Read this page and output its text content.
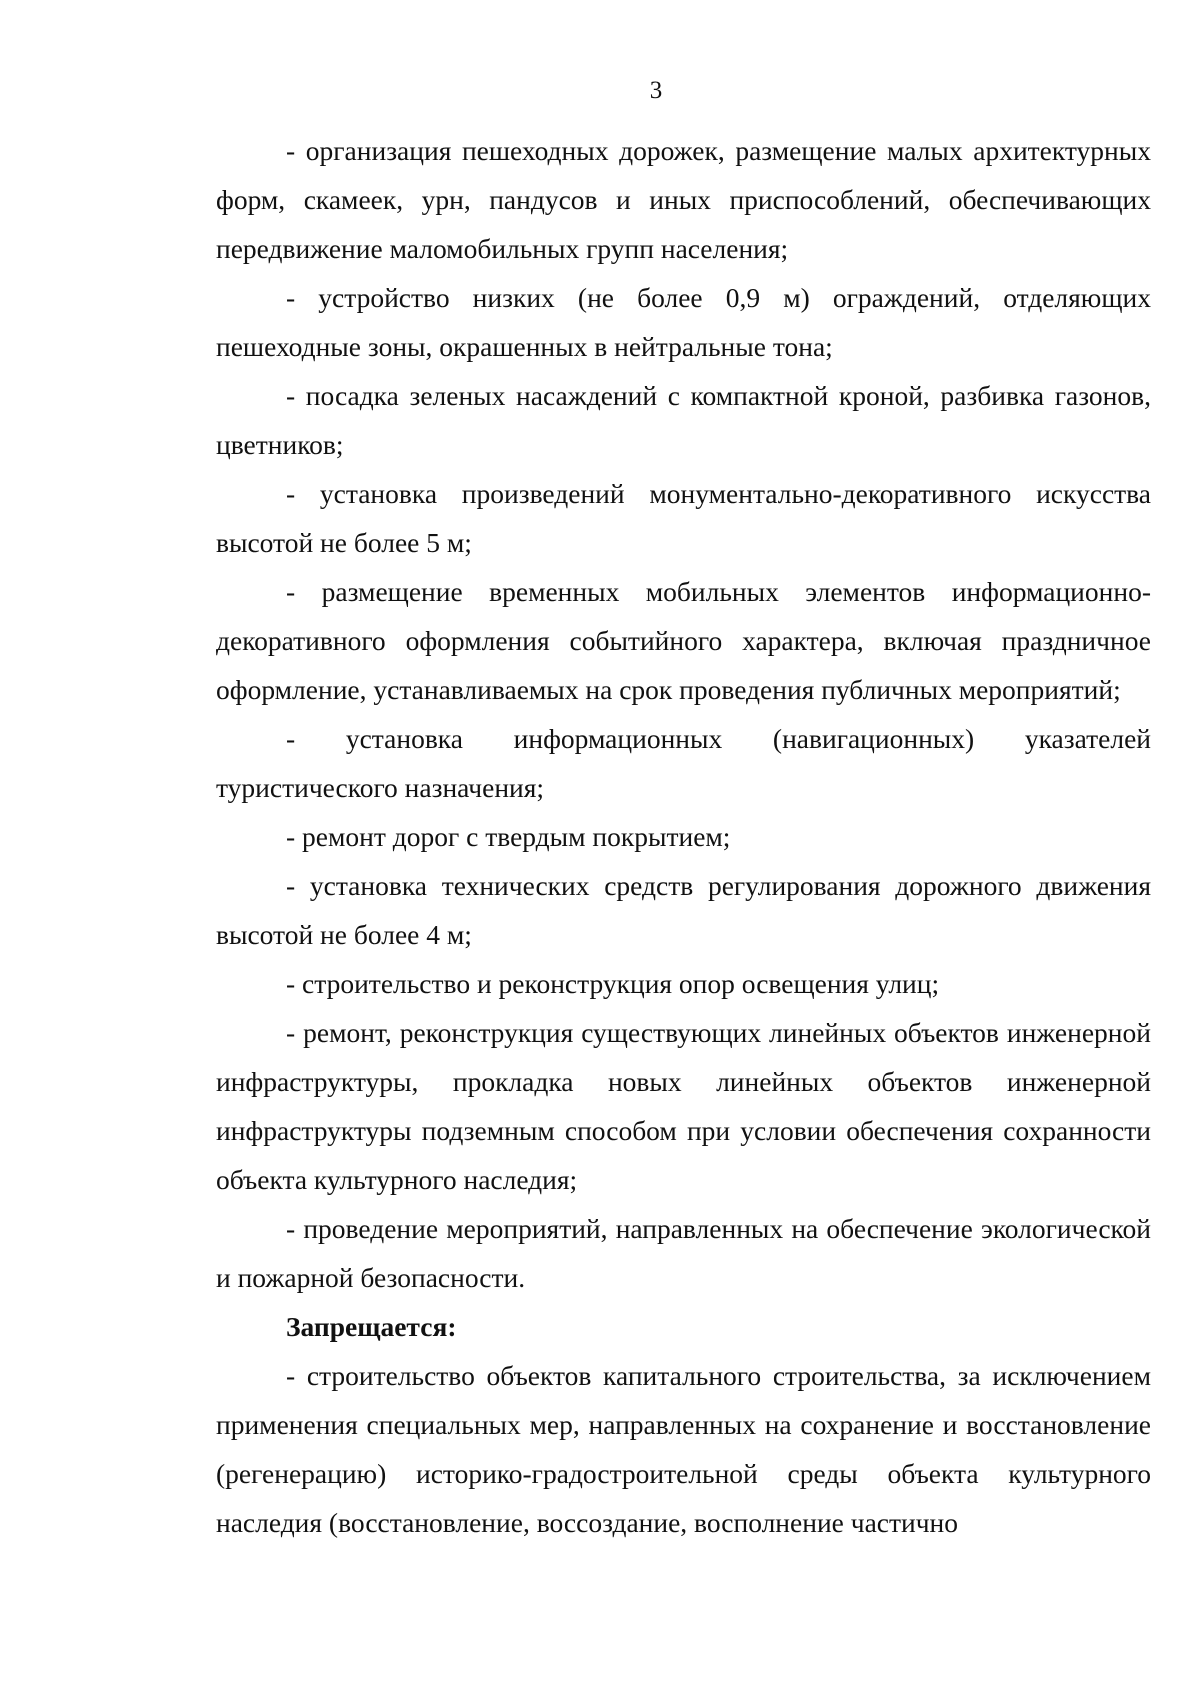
3

- организация пешеходных дорожек, размещение малых архитектурных форм, скамеек, урн, пандусов и иных приспособлений, обеспечивающих передвижение маломобильных групп населения;

- устройство низких (не более 0,9 м) ограждений, отделяющих пешеходные зоны, окрашенных в нейтральные тона;

- посадка зеленых насаждений с компактной кроной, разбивка газонов, цветников;

- установка произведений монументально-декоративного искусства высотой не более 5 м;

- размещение временных мобильных элементов информационно-декоративного оформления событийного характера, включая праздничное оформление, устанавливаемых на срок проведения публичных мероприятий;

- установка информационных (навигационных) указателей туристического назначения;

- ремонт дорог с твердым покрытием;

- установка технических средств регулирования дорожного движения высотой не более 4 м;

- строительство и реконструкция опор освещения улиц;

- ремонт, реконструкция существующих линейных объектов инженерной инфраструктуры, прокладка новых линейных объектов инженерной инфраструктуры подземным способом при условии обеспечения сохранности объекта культурного наследия;

- проведение мероприятий, направленных на обеспечение экологической и пожарной безопасности.

Запрещается:

- строительство объектов капитального строительства, за исключением применения специальных мер, направленных на сохранение и восстановление (регенерацию) историко-градостроительной среды объекта культурного наследия (восстановление, воссоздание, восполнение частично
